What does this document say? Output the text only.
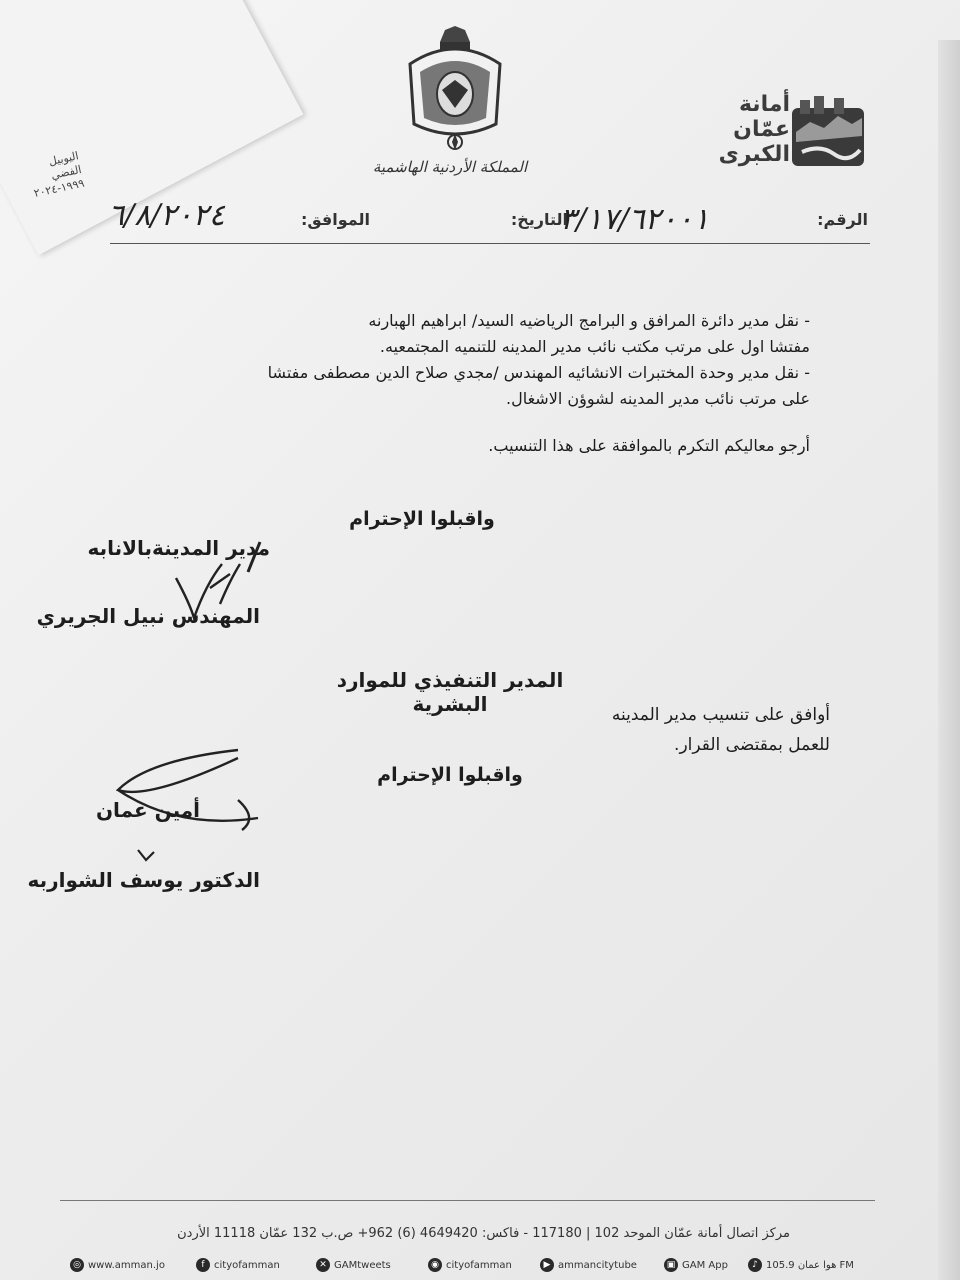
اليوبيل الفضي
١٩٩٩-٢٠٢٤
أمانة
عمّان
الكبرى
المملكة الأردنية الهاشمية
الرقم:
٣/١٧/٦٢٠٠١
التاريخ:
الموافق:
٦/٨/٢٠٢٤

- نقل مدير دائرة المرافق و البرامج الرياضيه السيد/ ابراهيم الهبارنه

مفتشا اول على مرتب مكتب نائب مدير المدينه للتنميه المجتمعيه.

- نقل مدير وحدة المختبرات الانشائيه المهندس /مجدي صلاح الدين مصطفى مفتشا

على مرتب نائب مدير المدينه لشوؤن الاشغال.

أرجو معاليكم التكرم بالموافقة على هذا التنسيب.
واقبلوا الإحترام
مدير المدينةبالانابه
المهندس نبيل الجريري
المدير التنفيذي للموارد البشرية	أوافق على تنسيب مدير المدينه
للعمل بمقتضى القرار.
واقبلوا الإحترام
أمين عمان
الدكتور يوسف الشواربه
مركز اتصال أمانة عمّان الموحد 102 | 117180 - فاكس: 4649420 (6) 962+ ص.ب 132 عمّان 11118 الأردن
◎ www.amman.jo	f cityofamman	✕ GAMtweets	◉ cityofamman	▶ ammancitytube	▣ GAM App	♪ هوا عمان 105.9 FM
